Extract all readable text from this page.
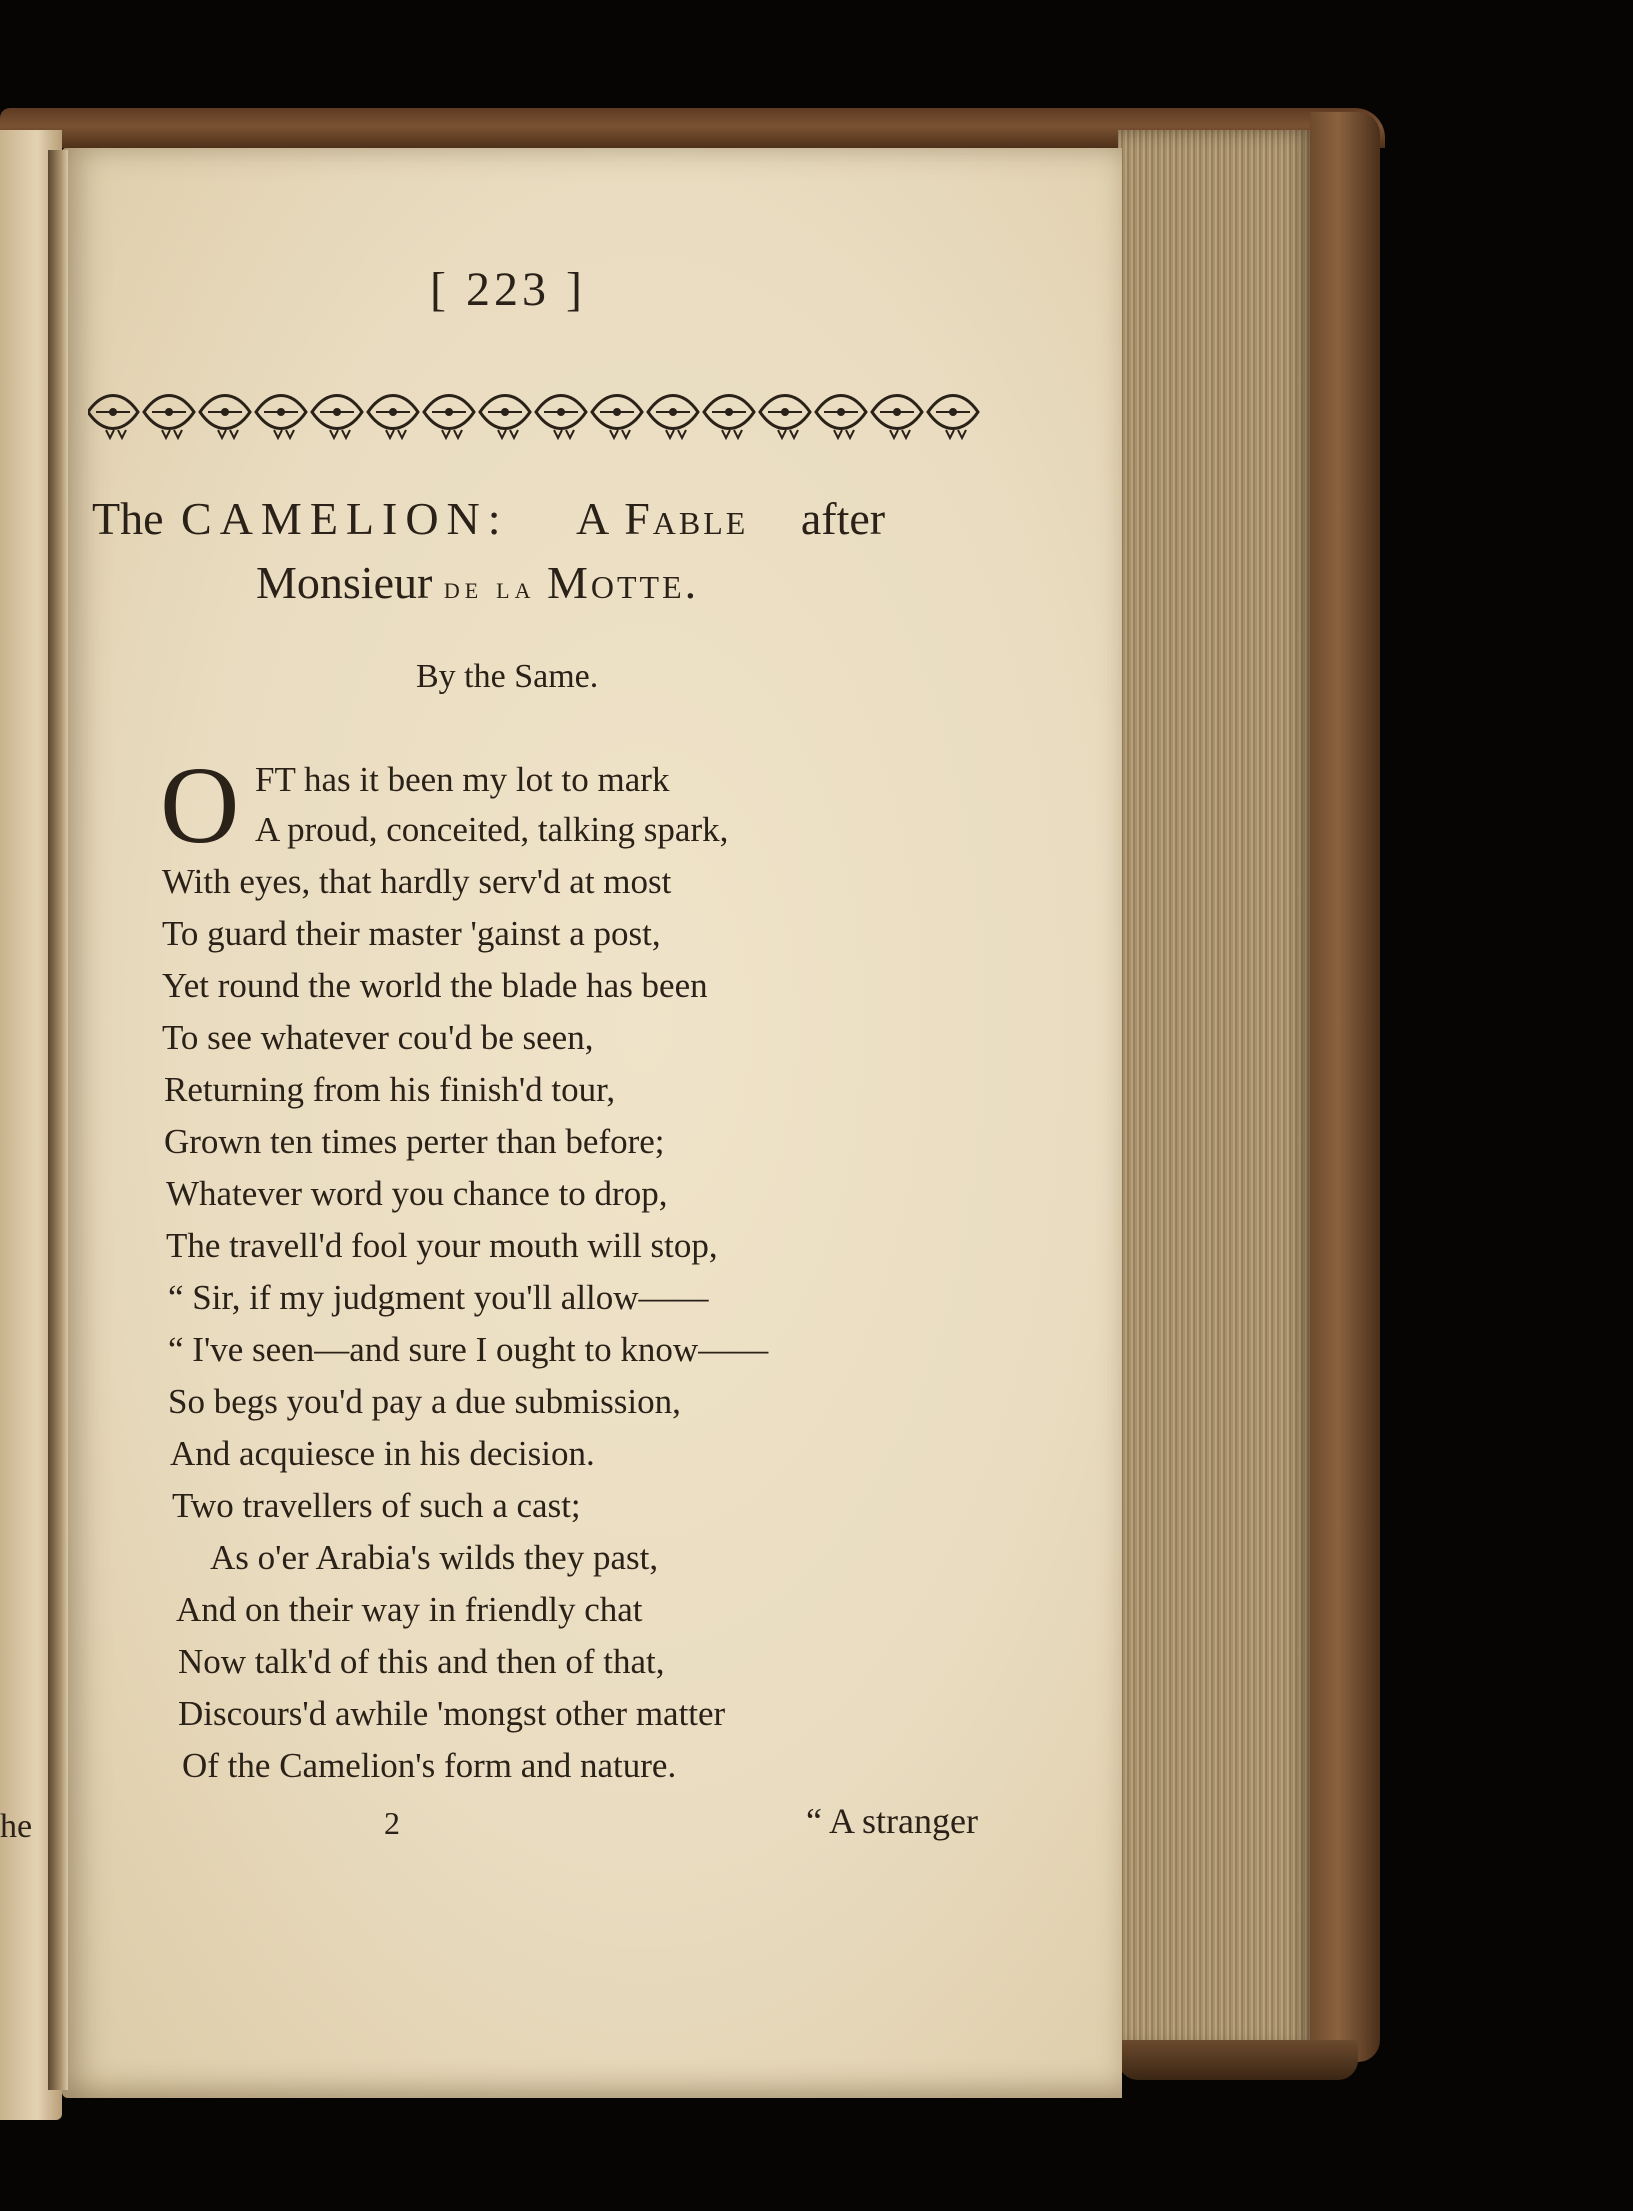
he
[ 223 ]
The CAMELION: A Fable after
Monsieur de la Motte.
By the Same.
O FT has it been my lot to mark
A proud, conceited, talking spark,
With eyes, that hardly serv'd at most
To guard their master 'gainst a post,
Yet round the world the blade has been
To see whatever cou'd be seen,
Returning from his finish'd tour,
Grown ten times perter than before;
Whatever word you chance to drop,
The travell'd fool your mouth will stop,
“ Sir, if my judgment you'll allow——
“ I've seen—and sure I ought to know——
So begs you'd pay a due submission,
And acquiesce in his decision.
Two travellers of such a cast;
As o'er Arabia's wilds they past,
And on their way in friendly chat
Now talk'd of this and then of that,
Discours'd awhile 'mongst other matter
Of the Camelion's form and nature.
2	“ A stranger
